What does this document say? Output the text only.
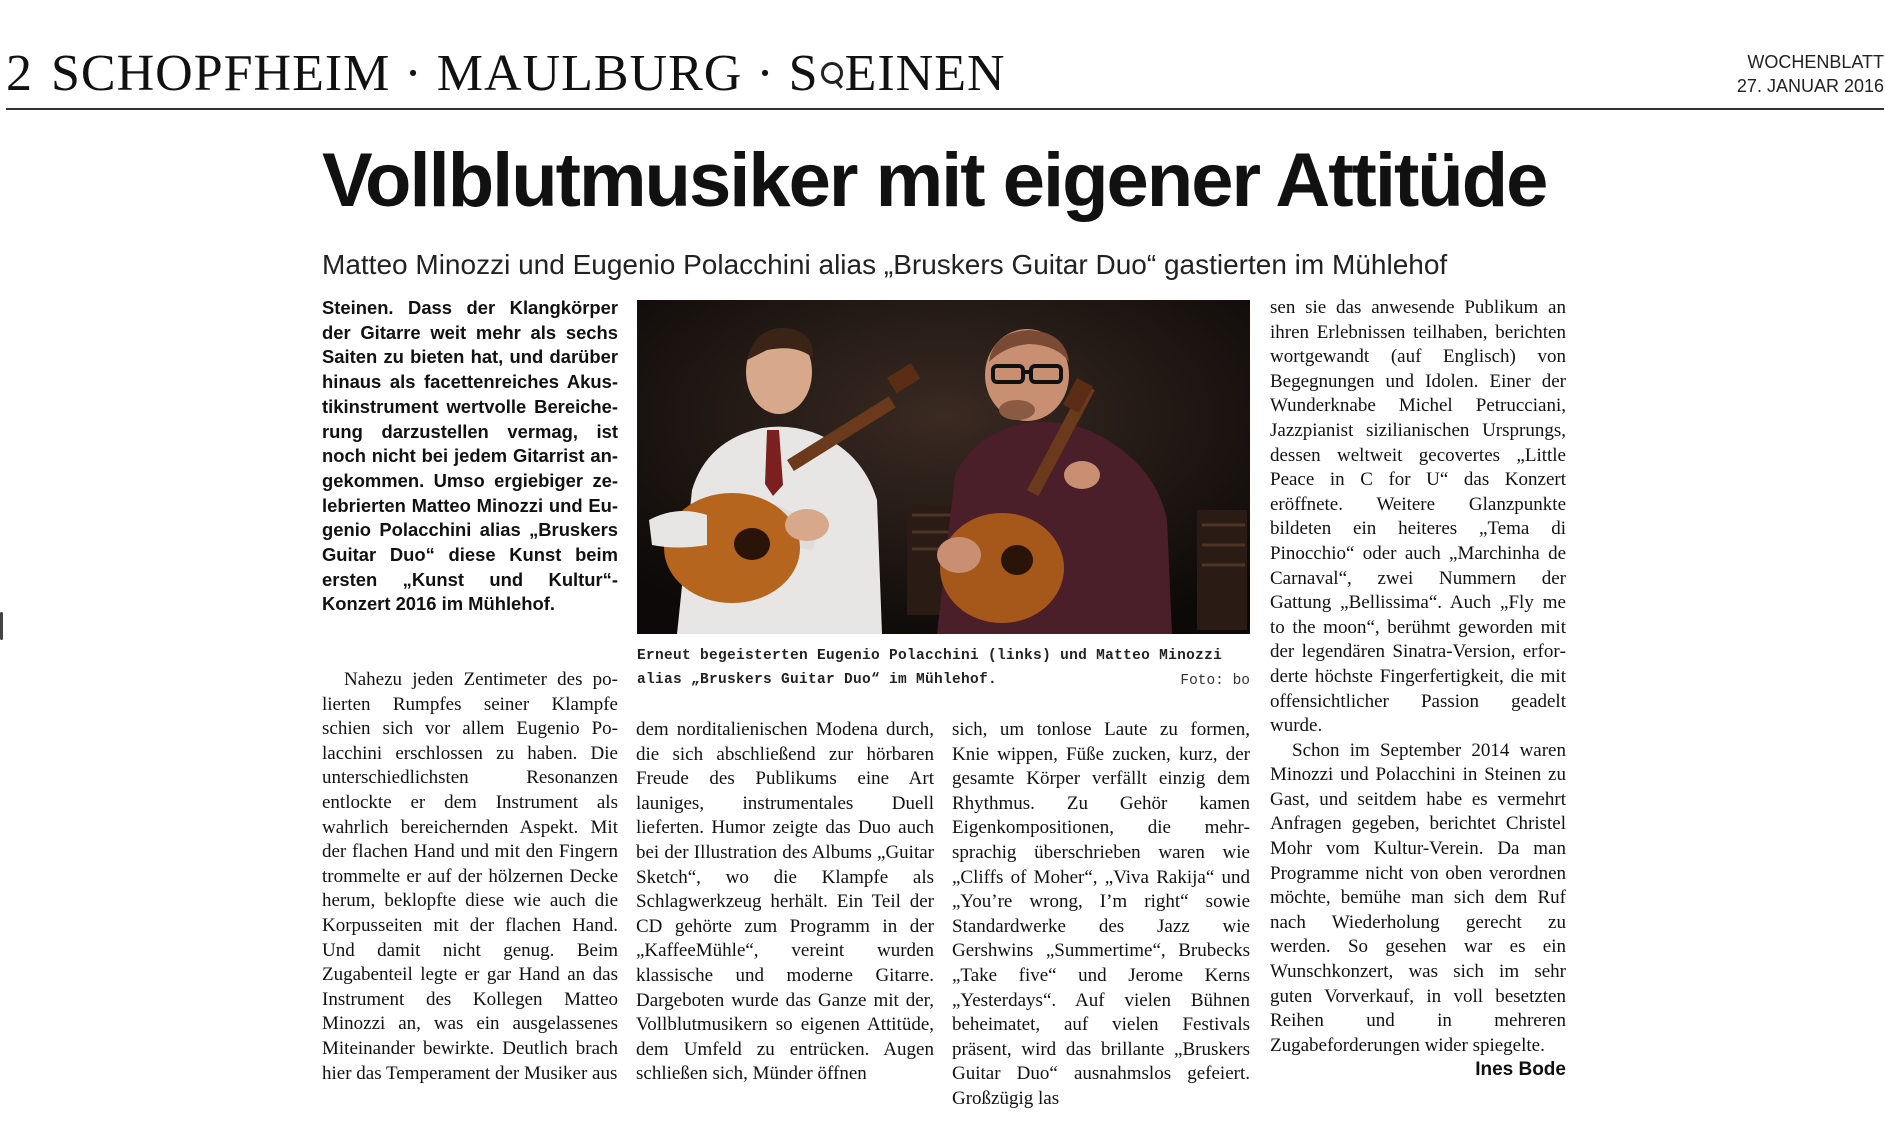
2 SCHOPFHEIM · MAULBURG · S EINEN	WOCHENBLATT
27. JANUAR 2016
Vollblutmusiker mit eigener Attitüde
Matteo Minozzi und Eugenio Polacchini alias „Bruskers Guitar Duo“ gastierten im Mühlehof

Steinen. Dass der Klangkörper der Gitarre weit mehr als sechs Saiten zu bieten hat, und darüber hinaus als facettenreiches Akustikinstrument wertvolle Bereicherung darzustellen vermag, ist noch nicht bei jedem Gitarrist angekommen. Umso ergiebiger zelebrierten Matteo Minozzi und Eugenio Polacchini alias „Bruskers Guitar Duo“ diese Kunst beim ersten „Kunst und Kultur“-Konzert 2016 im Mühlehof.

Nahezu jeden Zentimeter des polierten Rumpfes seiner Klampfe schien sich vor allem Eugenio Polacchini erschlossen zu haben. Die unterschiedlichsten Resonanzen entlockte er dem Instrument als wahrlich bereichernden Aspekt. Mit der flachen Hand und mit den Fingern trommelte er auf der hölzernen Decke herum, beklopfte diese wie auch die Korpusseiten mit der flachen Hand. Und damit nicht genug. Beim Zugabenteil legte er gar Hand an das Instrument des Kollegen Matteo Minozzi an, was ein ausgelassenes Miteinander bewirkte. Deutlich brach hier das Temperament der Musiker aus

Erneut begeisterten Eugenio Polacchini (links) und Matteo Minozzi alias „Bruskers Guitar Duo“ im Mühlehof.	Foto: bo

dem norditalienischen Modena durch, die sich abschließend zur hörbaren Freude des Publikums eine Art launiges, instrumentales Duell lieferten. Humor zeigte das Duo auch bei der Illustration des Albums „Guitar Sketch“, wo die Klampfe als Schlagwerkzeug herhält. Ein Teil der CD gehörte zum Programm in der „KaffeeMühle“, vereint wurden klassische und moderne Gitarre. Dargeboten wurde das Ganze mit der, Vollblutmusikern so eigenen Attitüde, dem Umfeld zu entrücken. Augen schließen sich, Münder öffnen

sich, um tonlose Laute zu formen, Knie wippen, Füße zucken, kurz, der gesamte Körper verfällt einzig dem Rhythmus. Zu Gehör kamen Eigenkompositionen, die mehrsprachig überschrieben waren wie „Cliffs of Moher“, „Viva Rakija“ und „You’re wrong, I’m right“ sowie Standardwerke des Jazz wie Gershwins „Summertime“, Brubecks „Take five“ und Jerome Kerns „Yesterdays“. Auf vielen Bühnen beheimatet, auf vielen Festivals präsent, wird das brillante „Bruskers Guitar Duo“ ausnahmslos gefeiert. Großzügig las

sen sie das anwesende Publikum an ihren Erlebnissen teilhaben, berichten wortgewandt (auf Englisch) von Begegnungen und Idolen. Einer der Wunderknabe Michel Petrucciani, Jazzpianist sizilianischen Ursprungs, dessen weltweit gecovertes „Little Peace in C for U“ das Konzert eröffnete. Weitere Glanzpunkte bildeten ein heiteres „Tema di Pinocchio“ oder auch „Marchinha de Carnaval“, zwei Nummern der Gattung „Bellissima“. Auch „Fly me to the moon“, berühmt geworden mit der legendären Sinatra-Version, erforderte höchste Fingerfertigkeit, die mit offensichtlicher Passion geadelt wurde.

Schon im September 2014 waren Minozzi und Polacchini in Steinen zu Gast, und seitdem habe es vermehrt Anfragen gegeben, berichtet Christel Mohr vom Kultur-Verein. Da man Programme nicht von oben verordnen möchte, bemühe man sich dem Ruf nach Wiederholung gerecht zu werden. So gesehen war es ein Wunschkonzert, was sich im sehr guten Vorverkauf, in voll besetzten Reihen und in mehreren Zugabeforderungen wider spiegelte.
Ines Bode
